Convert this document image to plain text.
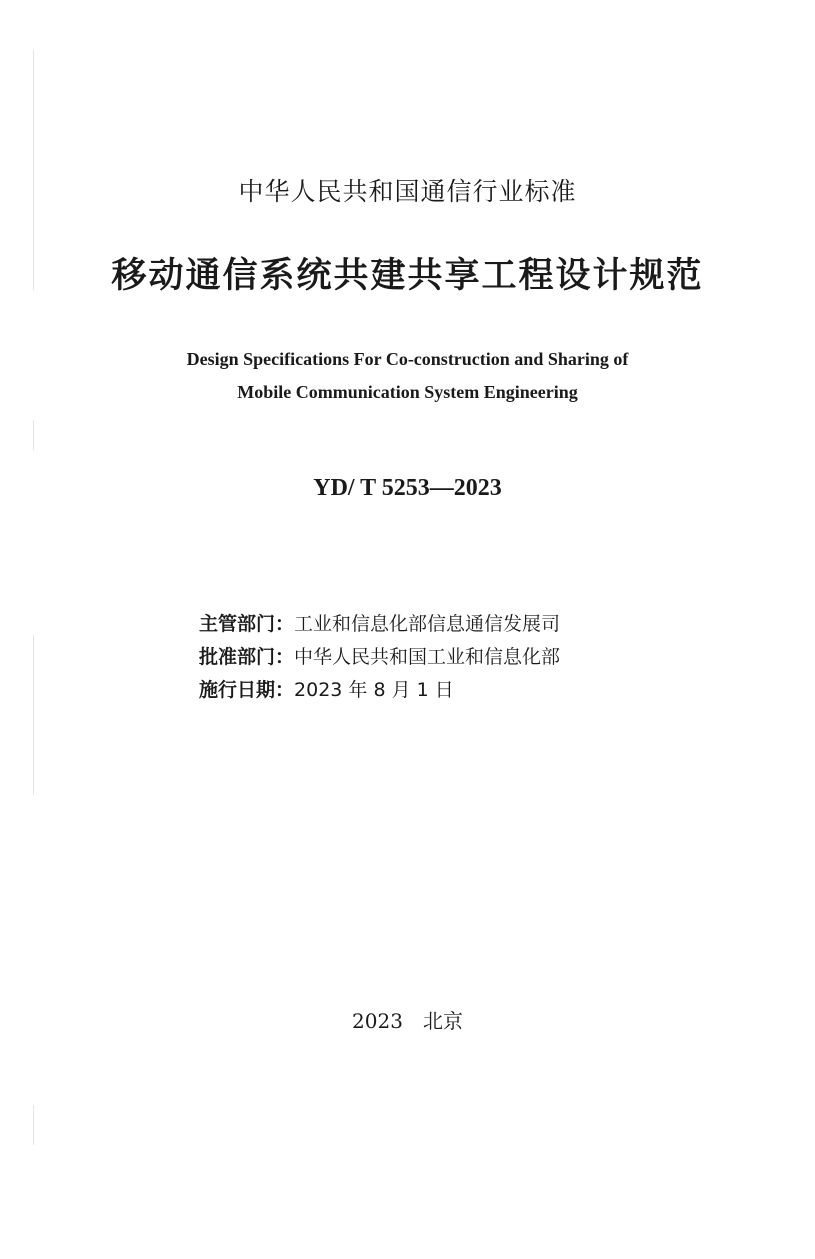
中华人民共和国通信行业标准
移动通信系统共建共享工程设计规范
Design Specifications For Co-construction and Sharing of
Mobile Communication System Engineering
YD/ T 5253—2023
主管部门：工业和信息化部信息通信发展司
批准部门：中华人民共和国工业和信息化部
施行日期：2023 年 8 月 1 日
2023 北京
